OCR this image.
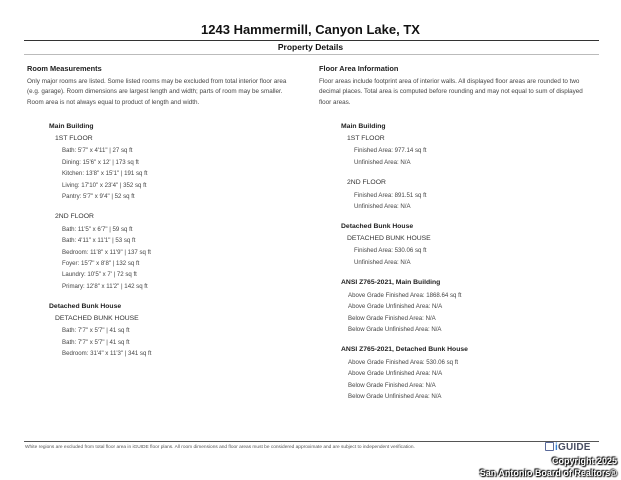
1243 Hammermill, Canyon Lake, TX
Property Details
Room Measurements
Only major rooms are listed. Some listed rooms may be excluded from total interior floor area
(e.g. garage). Room dimensions are largest length and width; parts of room may be smaller.
Room area is not always equal to product of length and width.
Main Building
1ST FLOOR
Bath: 5'7" x 4'11" | 27 sq ft
Dining: 15'6" x 12' | 173 sq ft
Kitchen: 13'8" x 15'1" | 191 sq ft
Living: 17'10" x 23'4" | 352 sq ft
Pantry: 5'7" x 9'4" | 52 sq ft
2ND FLOOR
Bath: 11'5" x 6'7" | 59 sq ft
Bath: 4'11" x 11'1" | 53 sq ft
Bedroom: 11'8" x 11'9" | 137 sq ft
Foyer: 15'7" x 8'8" | 132 sq ft
Laundry: 10'5" x 7' | 72 sq ft
Primary: 12'8" x 11'2" | 142 sq ft
Detached Bunk House
DETACHED BUNK HOUSE
Bath: 7'7" x 5'7" | 41 sq ft
Bath: 7'7" x 5'7" | 41 sq ft
Bedroom: 31'4" x 11'3" | 341 sq ft
Floor Area Information
Floor areas include footprint area of interior walls. All displayed floor areas are rounded to two
decimal places. Total area is computed before rounding and may not equal to sum of displayed
floor areas.
Main Building
1ST FLOOR
Finished Area: 977.14 sq ft
Unfinished Area: N/A
2ND FLOOR
Finished Area: 891.51 sq ft
Unfinished Area: N/A
Detached Bunk House
DETACHED BUNK HOUSE
Finished Area: 530.06 sq ft
Unfinished Area: N/A
ANSI Z765-2021, Main Building
Above Grade Finished Area: 1868.64 sq ft
Above Grade Unfinished Area: N/A
Below Grade Finished Area: N/A
Below Grade Unfinished Area: N/A
ANSI Z765-2021, Detached Bunk House
Above Grade Finished Area: 530.06 sq ft
Above Grade Unfinished Area: N/A
Below Grade Finished Area: N/A
Below Grade Unfinished Area: N/A
White regions are excluded from total floor area in iGUIDE floor plans. All room dimensions and floor areas must be considered approximate and are subject to independent verification.	iGUIDE
Copyright 2025
San Antonio Board of Realtors®
